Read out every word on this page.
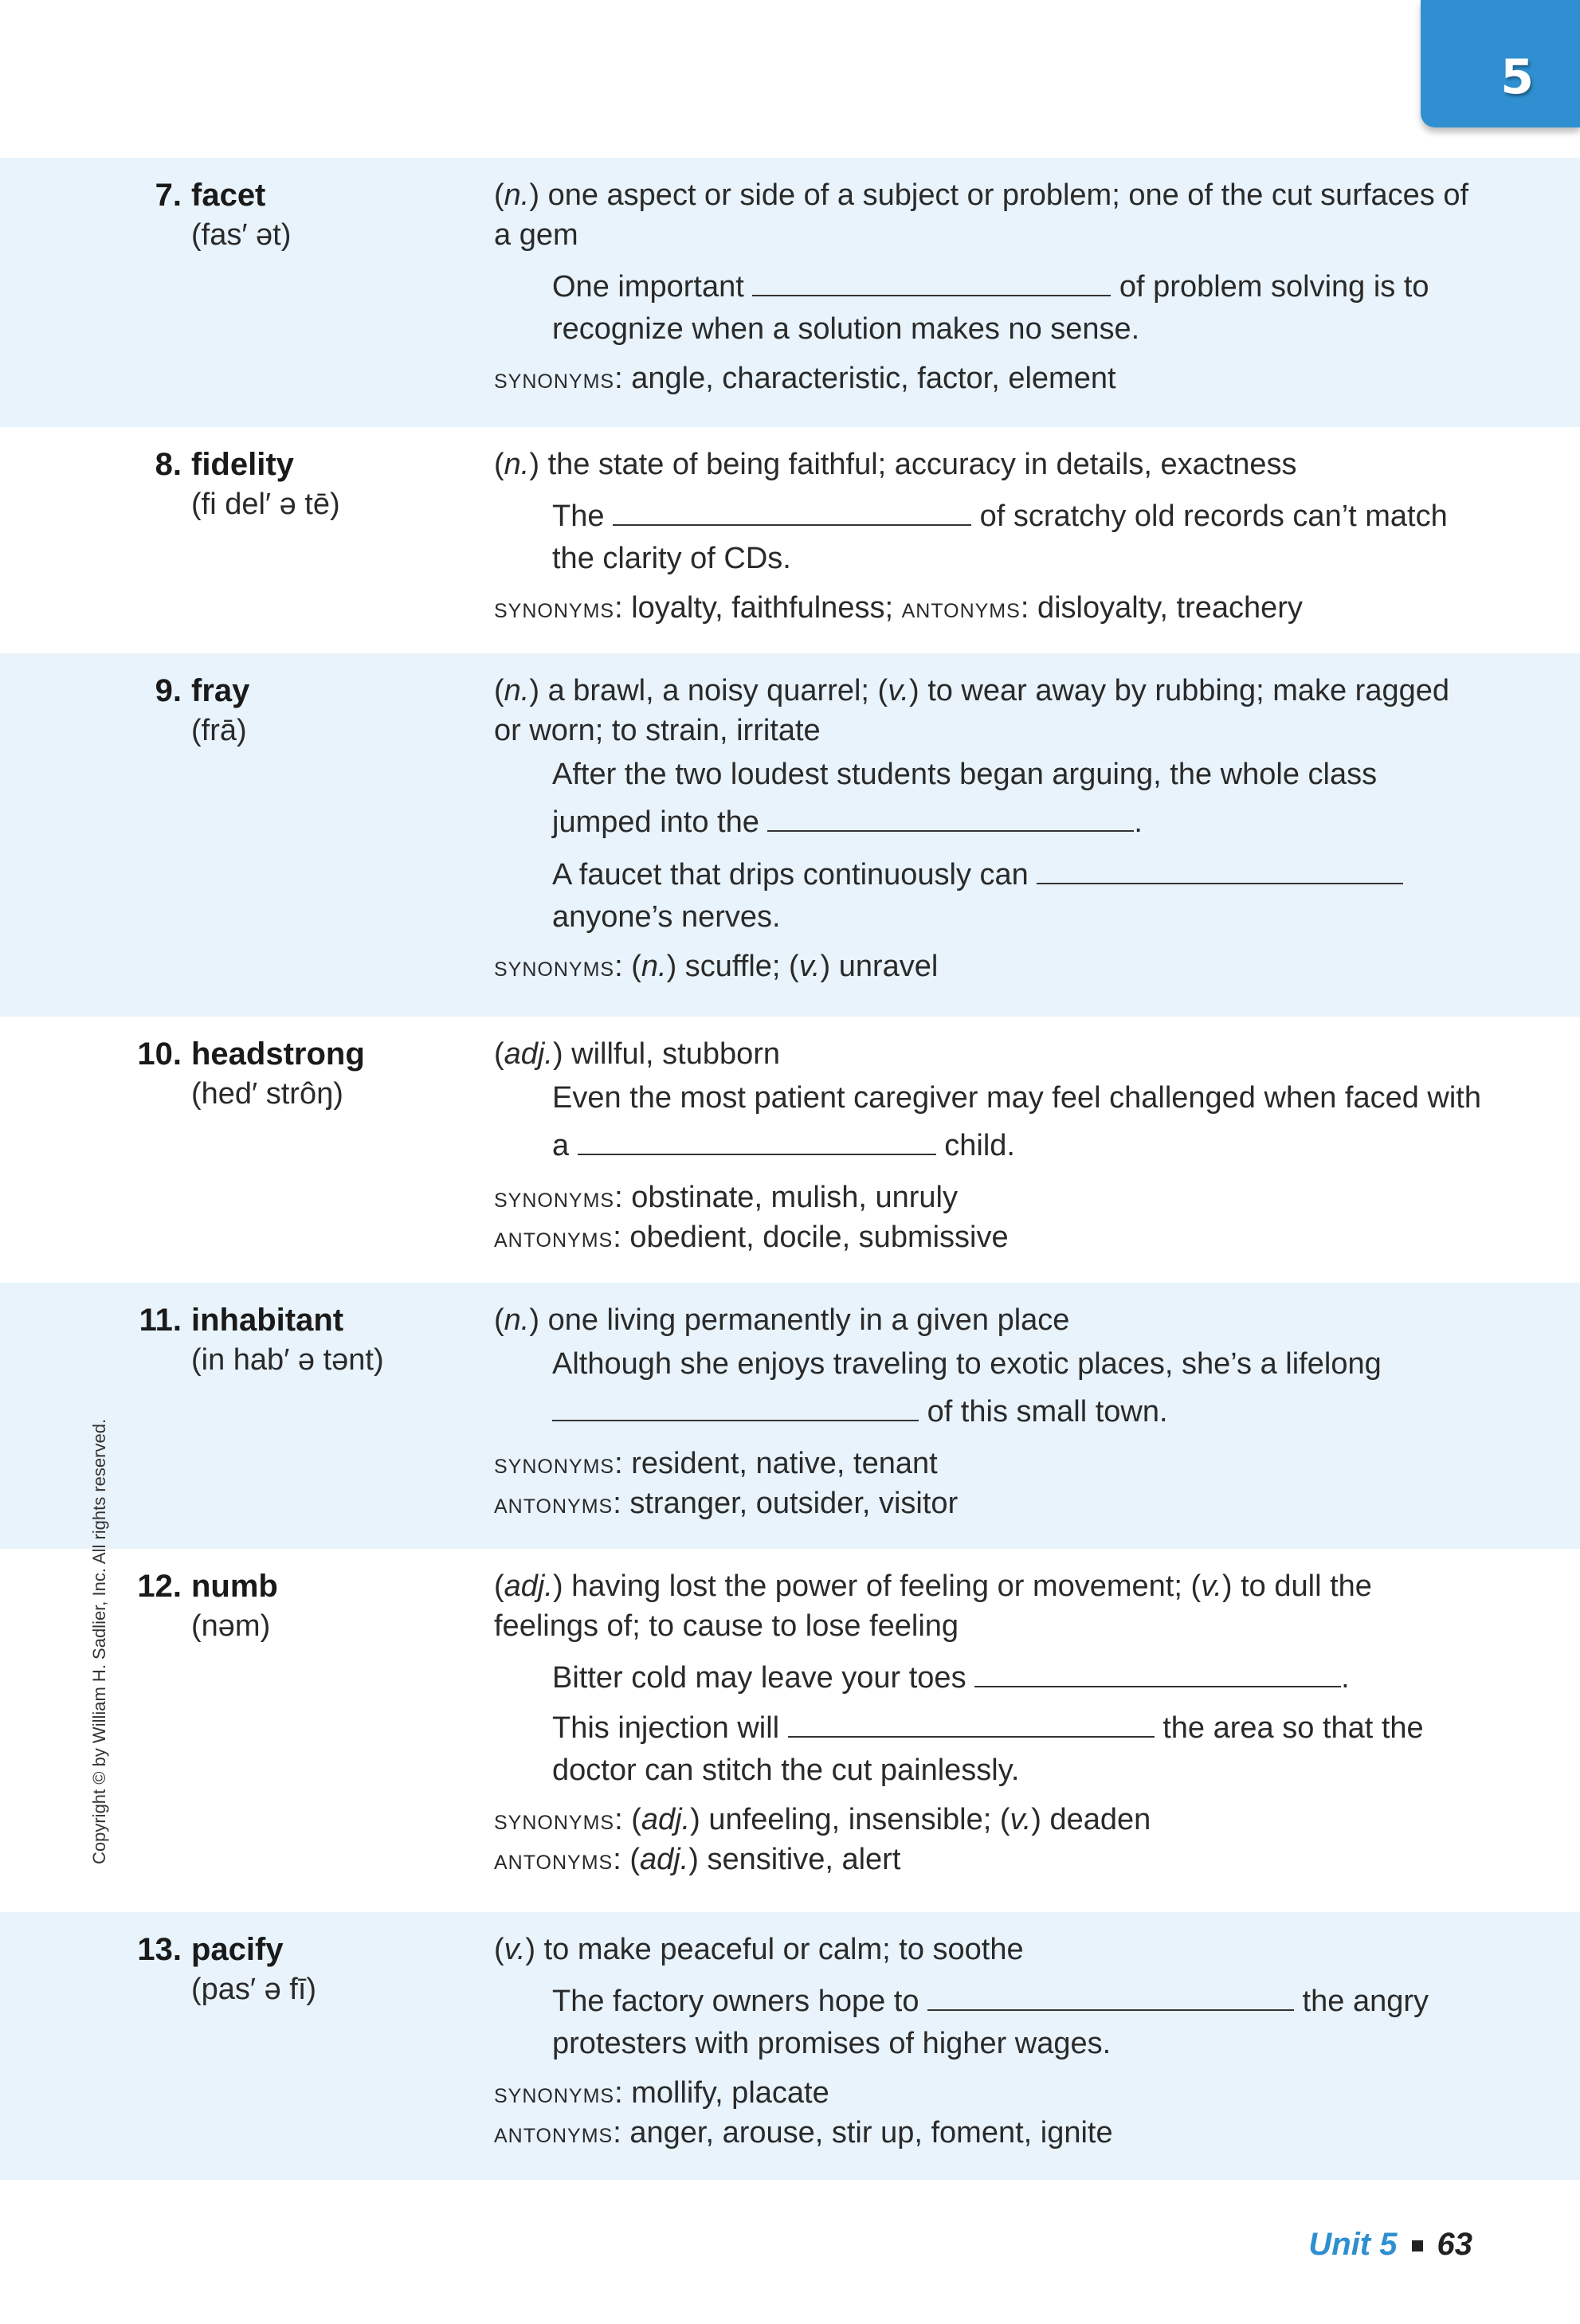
5
7. facet
(fas′ ət)

(n.) one aspect or side of a subject or problem; one of the cut surfaces of a gem

One important	of problem solving is to recognize when a solution makes no sense.

synonyms: angle, characteristic, factor, element
8. fidelity
(fi del′ ə tē)

(n.) the state of being faithful; accuracy in details, exactness

The	of scratchy old records can’t match the clarity of CDs.

synonyms: loyalty, faithfulness; antonyms: disloyalty, treachery
9. fray
(frā)

(n.) a brawl, a noisy quarrel; (v.) to wear away by rubbing; make ragged or worn; to strain, irritate

After the two loudest students began arguing, the whole class jumped into the	.

A faucet that drips continuously can  anyone’s nerves.

synonyms: (n.) scuffle; (v.) unravel
10. headstrong
(hed′ strôŋ)

(adj.) willful, stubborn

Even the most patient caregiver may feel challenged when faced with a	child.

synonyms: obstinate, mulish, unruly
antonyms: obedient, docile, submissive
11. inhabitant
(in hab′ ə tənt)

(n.) one living permanently in a given place

Although she enjoys traveling to exotic places, she’s a lifelong  of this small town.

synonyms: resident, native, tenant
antonyms: stranger, outsider, visitor
12. numb
(nəm)

(adj.) having lost the power of feeling or movement; (v.) to dull the feelings of; to cause to lose feeling

Bitter cold may leave your toes	.

This injection will	the area so that the doctor can stitch the cut painlessly.

synonyms: (adj.) unfeeling, insensible; (v.) deaden
antonyms: (adj.) sensitive, alert
13. pacify
(pas′ ə fī)

(v.) to make peaceful or calm; to soothe

The factory owners hope to	the angry protesters with promises of higher wages.

synonyms: mollify, placate
antonyms: anger, arouse, stir up, foment, ignite
Copyright © by William H. Sadlier, Inc. All rights reserved.
Unit 5 63
